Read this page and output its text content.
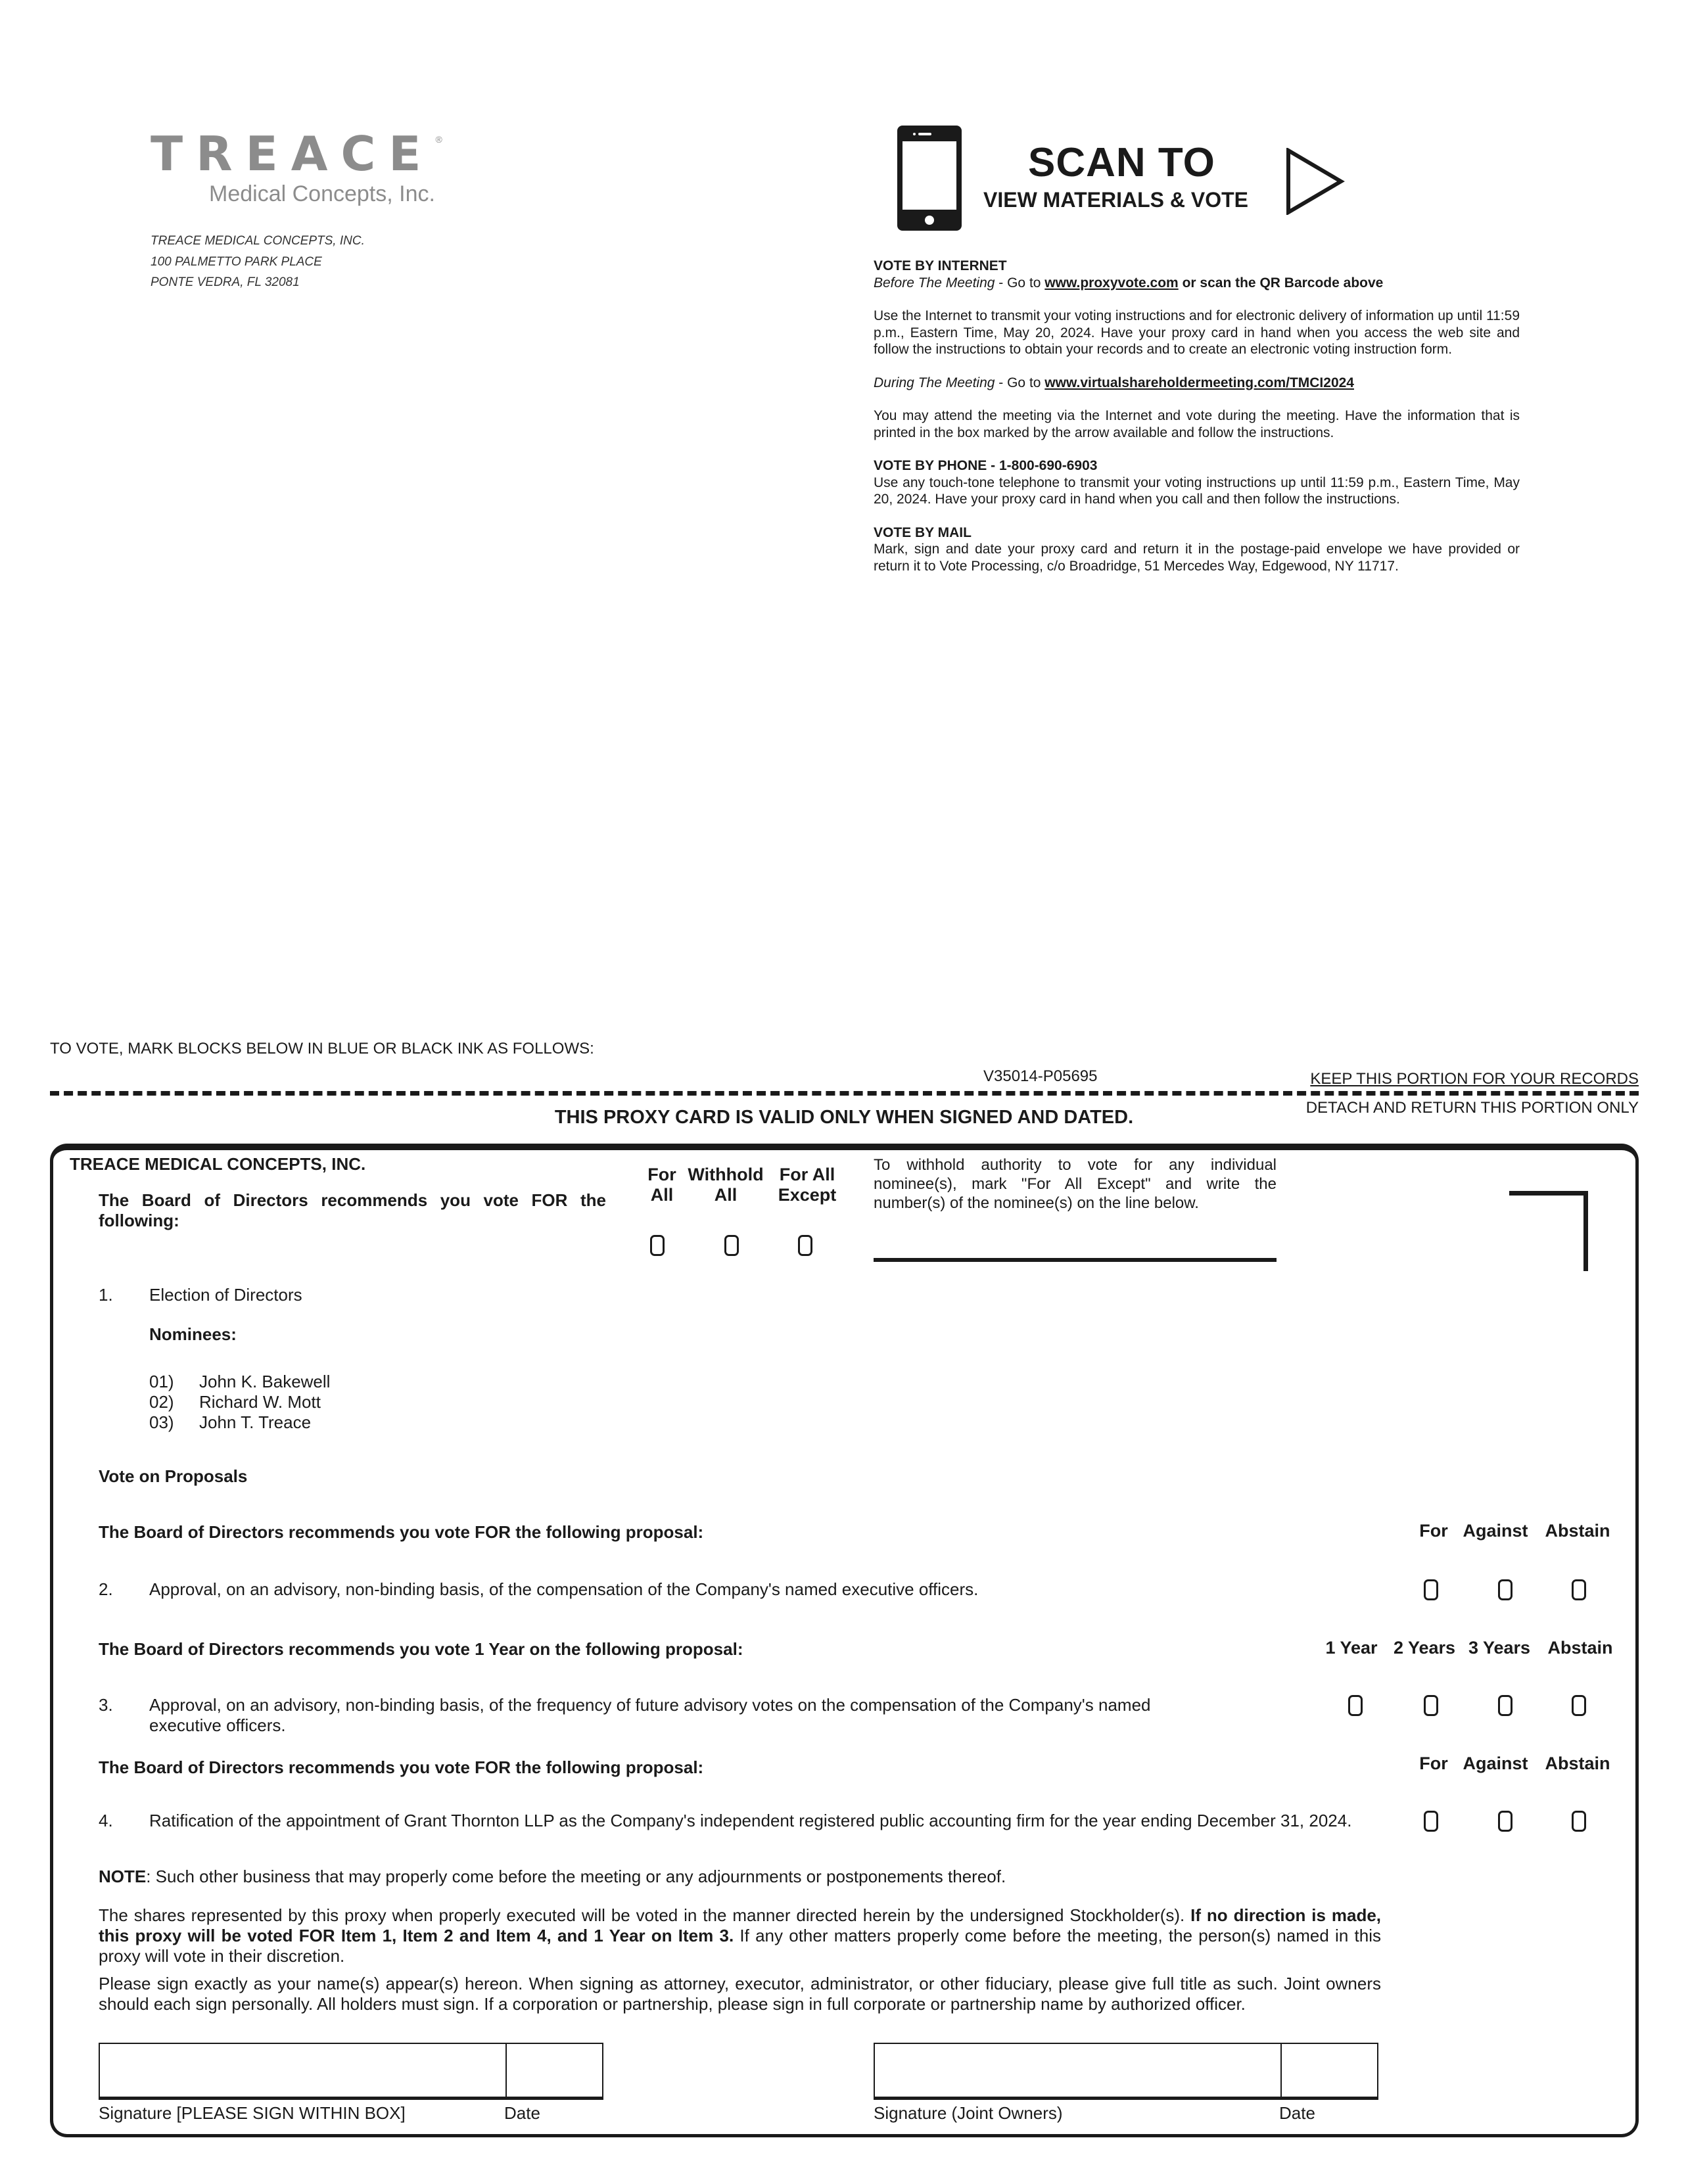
TREACE ®
Medical Concepts, Inc.
TREACE MEDICAL CONCEPTS, INC.
100 PALMETTO PARK PLACE
PONTE VEDRA, FL 32081
SCAN TO
VIEW MATERIALS & VOTE

VOTE BY INTERNET

Before The Meeting - Go to www.proxyvote.com or scan the QR Barcode above

Use the Internet to transmit your voting instructions and for electronic delivery of information up until 11:59 p.m., Eastern Time, May 20, 2024. Have your proxy card in hand when you access the web site and follow the instructions to obtain your records and to create an electronic voting instruction form.

During The Meeting - Go to www.virtualshareholdermeeting.com/TMCI2024

You may attend the meeting via the Internet and vote during the meeting. Have the information that is printed in the box marked by the arrow available and follow the instructions.

VOTE BY PHONE - 1-800-690-6903

Use any touch-tone telephone to transmit your voting instructions up until 11:59 p.m., Eastern Time, May 20, 2024. Have your proxy card in hand when you call and then follow the instructions.

VOTE BY MAIL

Mark, sign and date your proxy card and return it in the postage-paid envelope we have provided or return it to Vote Processing, c/o Broadridge, 51 Mercedes Way, Edgewood, NY 11717.

TO VOTE, MARK BLOCKS BELOW IN BLUE OR BLACK INK AS FOLLOWS:
V35014-P05695	KEEP THIS PORTION FOR YOUR RECORDS
DETACH AND RETURN THIS PORTION ONLY
THIS PROXY CARD IS VALID ONLY WHEN SIGNED AND DATED.
TREACE MEDICAL CONCEPTS, INC.
The Board of Directors recommends you vote FOR the following:
For
All
Withhold
All
For All
Except
To withhold authority to vote for any individual nominee(s), mark "For All Except" and write the number(s) of the nominee(s) on the line below.
1. Election of Directors
Nominees:
01) John K. Bakewell
02) Richard W. Mott
03) John T. Treace
Vote on Proposals
The Board of Directors recommends you vote FOR the following proposal:	For Against Abstain
2. Approval, on an advisory, non-binding basis, of the compensation of the Company's named executive officers.
The Board of Directors recommends you vote 1 Year on the following proposal:	1 Year 2 Years 3 Years Abstain
3. Approval, on an advisory, non-binding basis, of the frequency of future advisory votes on the compensation of the Company's named executive officers.
The Board of Directors recommends you vote FOR the following proposal:	For Against Abstain
4. Ratification of the appointment of Grant Thornton LLP as the Company's independent registered public accounting firm for the year ending December 31, 2024.
NOTE: Such other business that may properly come before the meeting or any adjournments or postponements thereof.
The shares represented by this proxy when properly executed will be voted in the manner directed herein by the undersigned Stockholder(s). If no direction is made, this proxy will be voted FOR Item 1, Item 2 and Item 4, and 1 Year on Item 3. If any other matters properly come before the meeting, the person(s) named in this proxy will vote in their discretion.
Please sign exactly as your name(s) appear(s) hereon. When signing as attorney, executor, administrator, or other fiduciary, please give full title as such. Joint owners should each sign personally. All holders must sign. If a corporation or partnership, please sign in full corporate or partnership name by authorized officer.
Signature [PLEASE SIGN WITHIN BOX]	Date	Signature (Joint Owners)	Date
